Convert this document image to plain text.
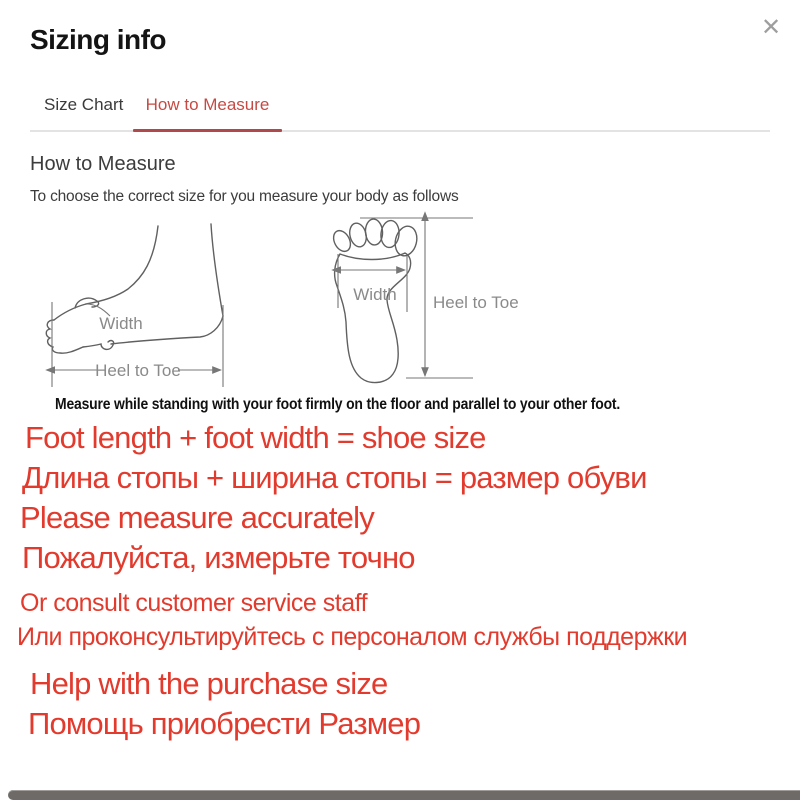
Sizing info	✕
Size Chart	How to Measure
How to Measure
To choose the correct size for you measure your body as follows
Width
Heel to Toe
Width Heel to Toe
Measure while standing with your foot firmly on the floor and parallel to your other foot.
Foot length + foot width = shoe size
Длина стопы + ширина стопы = размер обуви
Please measure accurately
Пожалуйста, измерьте точно
Or consult customer service staff
Или проконсультируйтесь с персоналом службы поддержки
Help with the purchase size
Помощь приобрести Размер
